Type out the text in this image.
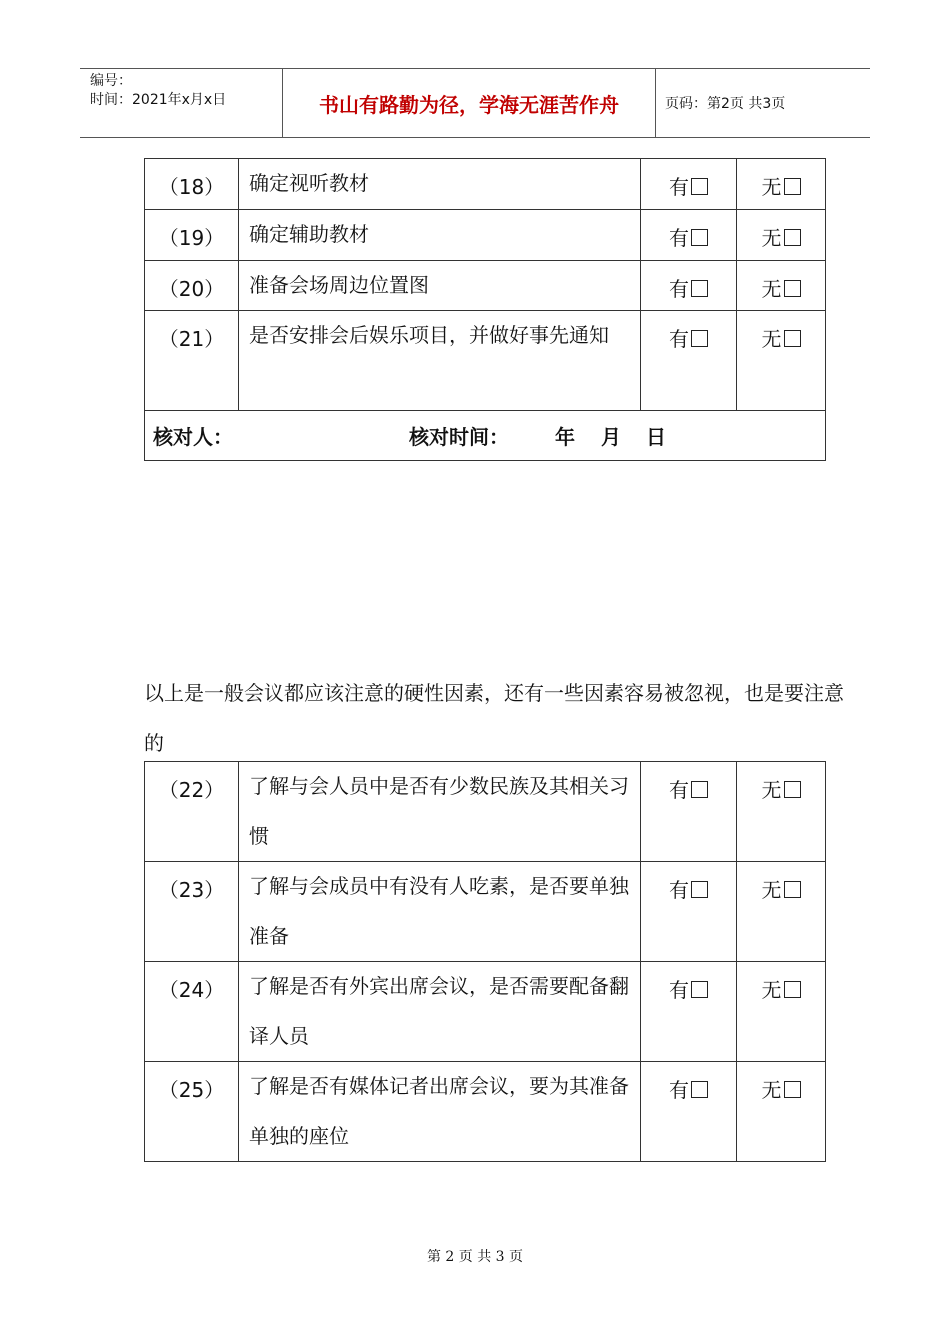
编号：
时间：2021年x月x日	书山有路勤为径，学海无涯苦作舟	页码：第2页 共3页
（18）	确定视听教材	有	无
（19）	确定辅助教材	有	无
（20）	准备会场周边位置图	有	无
（21）	是否安排会后娱乐项目，并做好事先通知	有	无
核对人： 核对时间： 年 月 日			
以上是一般会议都应该注意的硬性因素，还有一些因素容易被忽视，也是要注意的
（22）	了解与会人员中是否有少数民族及其相关习惯	有	无
（23）	了解与会成员中有没有人吃素，是否要单独准备	有	无
（24）	了解是否有外宾出席会议，是否需要配备翻译人员	有	无
（25）	了解是否有媒体记者出席会议，要为其准备单独的座位	有	无
第 2 页 共 3 页
